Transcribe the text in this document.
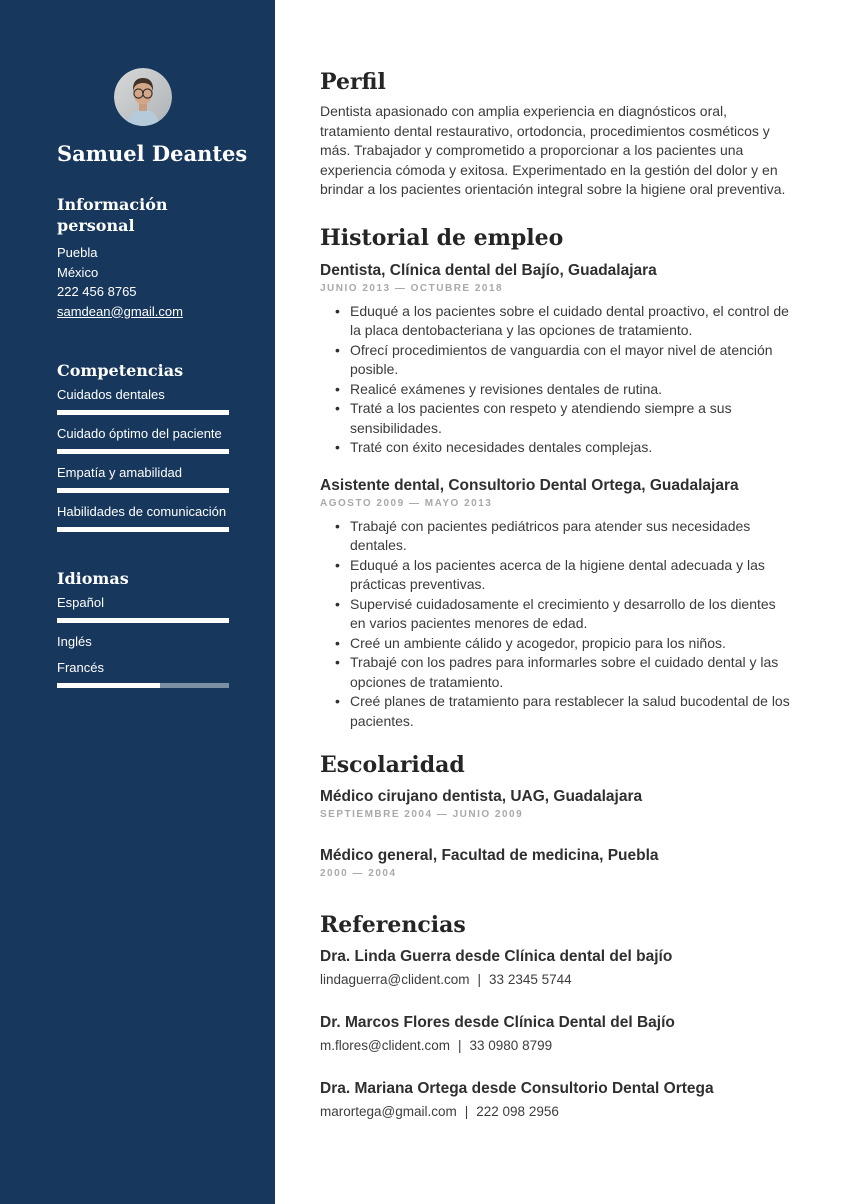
Samuel Deantes
Información personal
Puebla
México
222 456 8765
samdean@gmail.com
Competencias
Cuidados dentales
Cuidado óptimo del paciente
Empatía y amabilidad
Habilidades de comunicación
Idiomas
Español
Inglés
Francés
Perfil

Dentista apasionado con amplia experiencia en diagnósticos oral, tratamiento dental restaurativo, ortodoncia, procedimientos cosméticos y más. Trabajador y comprometido a proporcionar a los pacientes una experiencia cómoda y exitosa. Experimentado en la gestión del dolor y en brindar a los pacientes orientación integral sobre la higiene oral preventiva.

Historial de empleo
Dentista, Clínica dental del Bajío, Guadalajara
JUNIO 2013 — OCTUBRE 2018
• Eduqué a los pacientes sobre el cuidado dental proactivo, el control de la placa dentobacteriana y las opciones de tratamiento.
• Ofrecí procedimientos de vanguardia con el mayor nivel de atención posible.
• Realicé exámenes y revisiones dentales de rutina.
• Traté a los pacientes con respeto y atendiendo siempre a sus sensibilidades.
• Traté con éxito necesidades dentales complejas.
Asistente dental, Consultorio Dental Ortega, Guadalajara
AGOSTO 2009 — MAYO 2013
• Trabajé con pacientes pediátricos para atender sus necesidades dentales.
• Eduqué a los pacientes acerca de la higiene dental adecuada y las prácticas preventivas.
• Supervisé cuidadosamente el crecimiento y desarrollo de los dientes en varios pacientes menores de edad.
• Creé un ambiente cálido y acogedor, propicio para los niños.
• Trabajé con los padres para informarles sobre el cuidado dental y las opciones de tratamiento.
• Creé planes de tratamiento para restablecer la salud bucodental de los pacientes.
Escolaridad
Médico cirujano dentista, UAG, Guadalajara
SEPTIEMBRE 2004 — JUNIO 2009
Médico general, Facultad de medicina, Puebla
2000 — 2004
Referencias
Dra. Linda Guerra desde Clínica dental del bajío
lindaguerra@clident.com | 33 2345 5744
Dr. Marcos Flores desde Clínica Dental del Bajío
m.flores@clident.com | 33 0980 8799
Dra. Mariana Ortega desde Consultorio Dental Ortega
marortega@gmail.com | 222 098 2956
